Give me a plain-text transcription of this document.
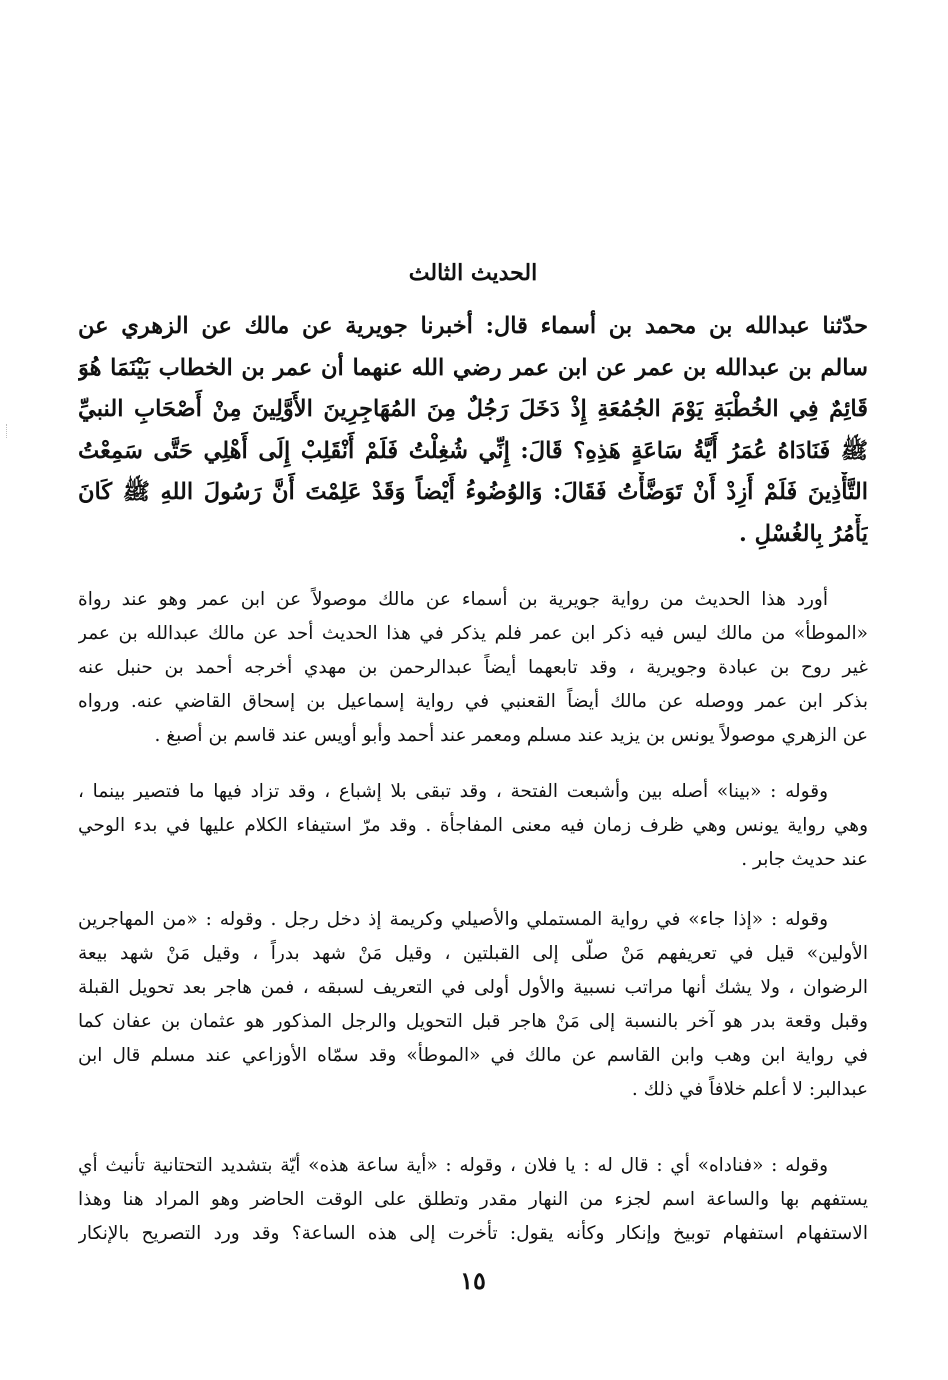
الحديث الثالث
حدّثنا عبدالله بن محمد بن أسماء قال: أخبرنا جويرية عن مالك عن الزهري عن
سالم بن عبدالله بن عمر عن ابن عمر رضي الله عنهما أن عمر بن الخطاب بَيْنَمَا هُوَ
قَائِمٌ فِي الخُطْبَةِ يَوْمَ الجُمُعَةِ إِذْ دَخَلَ رَجُلٌ مِنَ المُهَاجِرِينَ الأَوَّلِينَ مِنْ أَصْحَابِ النبيِّ
ﷺ فَنَادَاهُ عُمَرُ أَيَّةُ سَاعَةٍ هَذِهِ؟ قَالَ: إِنِّي شُغِلْتُ فَلَمْ أَنْقَلِبْ إِلَى أَهْلِي حَتَّى سَمِعْتُ
التَّأْذِينَ فَلَمْ أَزِدْ أَنْ تَوَضَّأْتُ فَقَالَ: وَالوُضُوءُ أَيْضاً وَقَدْ عَلِمْتَ أَنَّ رَسُولَ اللهِ ﷺ كَانَ
يَأْمُرُ بِالغُسْلِ .
أورد هذا الحديث من رواية جويرية بن أسماء عن مالك موصولاً عن ابن عمر وهو عند رواة
«الموطأ» من مالك ليس فيه ذكر ابن عمر فلم يذكر في هذا الحديث أحد عن مالك عبدالله بن عمر
غير روح بن عبادة وجويرية ، وقد تابعهما أيضاً عبدالرحمن بن مهدي أخرجه أحمد بن حنبل عنه
بذكر ابن عمر ووصله عن مالك أيضاً القعنبي في رواية إسماعيل بن إسحاق القاضي عنه. ورواه
عن الزهري موصولاً يونس بن يزيد عند مسلم ومعمر عند أحمد وأبو أويس عند قاسم بن أصبغ .
وقوله : «بينا» أصله بين وأشبعت الفتحة ، وقد تبقى بلا إشباع ، وقد تزاد فيها ما فتصير بينما ،
وهي رواية يونس وهي ظرف زمان فيه معنى المفاجأة . وقد مرّ استيفاء الكلام عليها في بدء الوحي
عند حديث جابر .
وقوله : «إذا جاء» في رواية المستملي والأصيلي وكريمة إذ دخل رجل . وقوله : «من المهاجرين
الأولين» قيل في تعريفهم مَنْ صلّى إلى القبلتين ، وقيل مَنْ شهد بدراً ، وقيل مَنْ شهد بيعة
الرضوان ، ولا يشك أنها مراتب نسبية والأول أولى في التعريف لسبقه ، فمن هاجر بعد تحويل القبلة
وقبل وقعة بدر هو آخر بالنسبة إلى مَنْ هاجر قبل التحويل والرجل المذكور هو عثمان بن عفان كما
في رواية ابن وهب وابن القاسم عن مالك في «الموطأ» وقد سمّاه الأوزاعي عند مسلم قال ابن
عبدالبر: لا أعلم خلافاً في ذلك .
وقوله : «فناداه» أي : قال له : يا فلان ، وقوله : «أية ساعة هذه» أيّة بتشديد التحتانية تأنيث أي
يستفهم بها والساعة اسم لجزء من النهار مقدر وتطلق على الوقت الحاضر وهو المراد هنا وهذا
الاستفهام استفهام توبيخ وإنكار وكأنه يقول: تأخرت إلى هذه الساعة؟ وقد ورد التصريح بالإنكار
١٥
